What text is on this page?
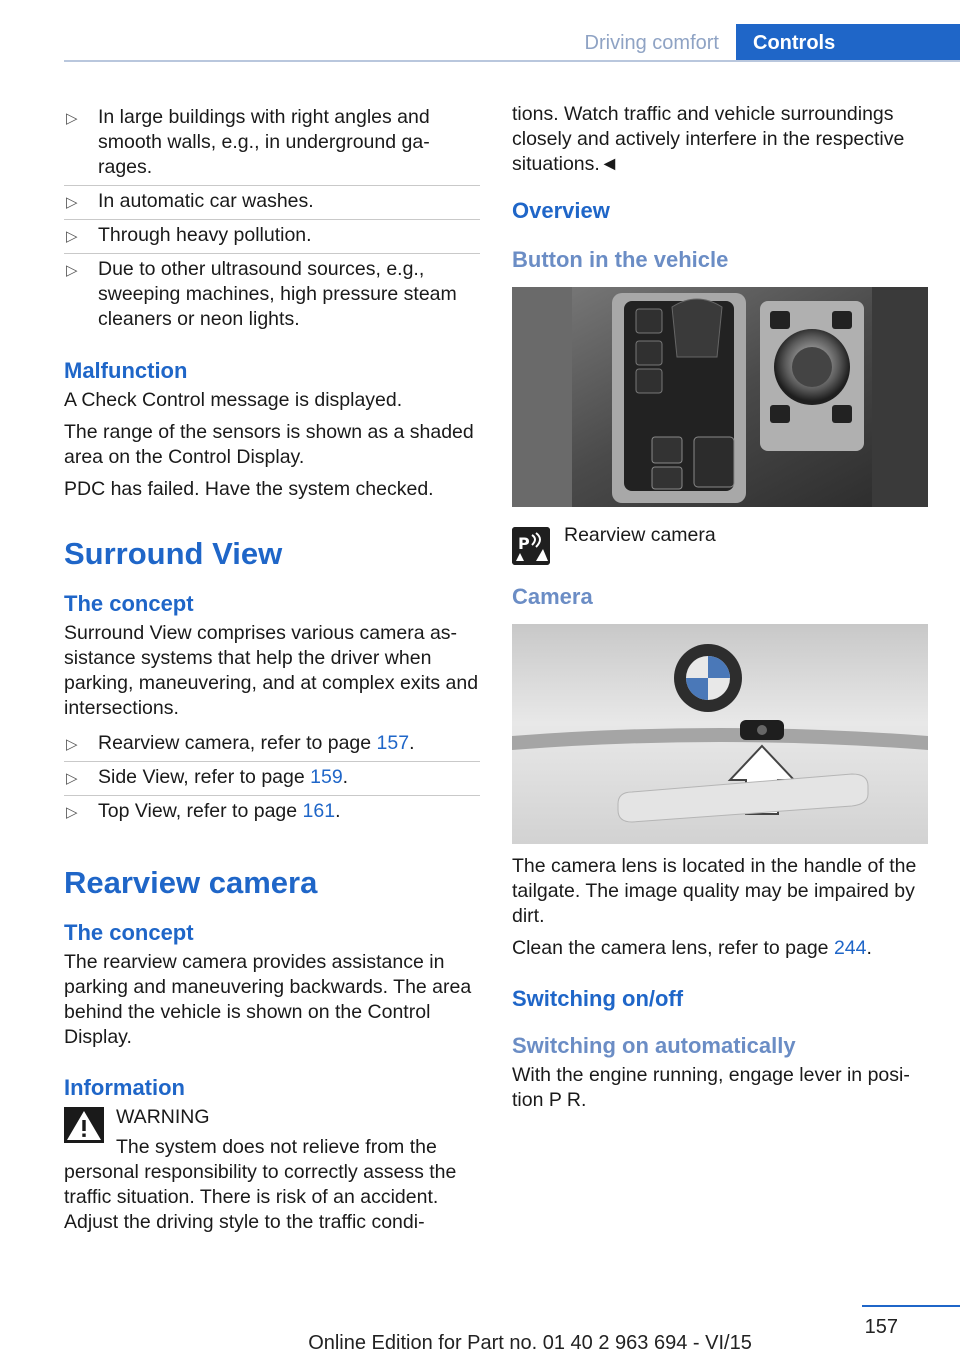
Driving comfort	Controls
▷ In large buildings with right angles and smooth walls, e.g., in underground ga‐rages.
▷ In automatic car washes.
▷ Through heavy pollution.
▷ Due to other ultrasound sources, e.g., sweeping machines, high pressure steam cleaners or neon lights.
Malfunction

A Check Control message is displayed.

The range of the sensors is shown as a shaded area on the Control Display.

PDC has failed. Have the system checked.

Surround View
The concept

Surround View comprises various camera as‐sistance systems that help the driver when parking, maneuvering, and at complex exits and intersections.

▷ Rearview camera, refer to page 157.
▷ Side View, refer to page 159.
▷ Top View, refer to page 161.
Rearview camera
The concept

The rearview camera provides assistance in parking and maneuvering backwards. The area behind the vehicle is shown on the Control Display.

Information
WARNING

The system does not relieve from the personal responsibility to correctly assess the traffic situation. There is risk of an accident. Adjust the driving style to the traffic condi‐

tions. Watch traffic and vehicle surroundings closely and actively interfere in the respective situations.◄

Overview
Button in the vehicle
P Rearview camera
Camera

The camera lens is located in the handle of the tailgate. The image quality may be impaired by dirt.

Clean the camera lens, refer to page 244.

Switching on/off
Switching on automatically

With the engine running, engage lever in posi‐tion P R.

157
Online Edition for Part no. 01 40 2 963 694 - VI/15
